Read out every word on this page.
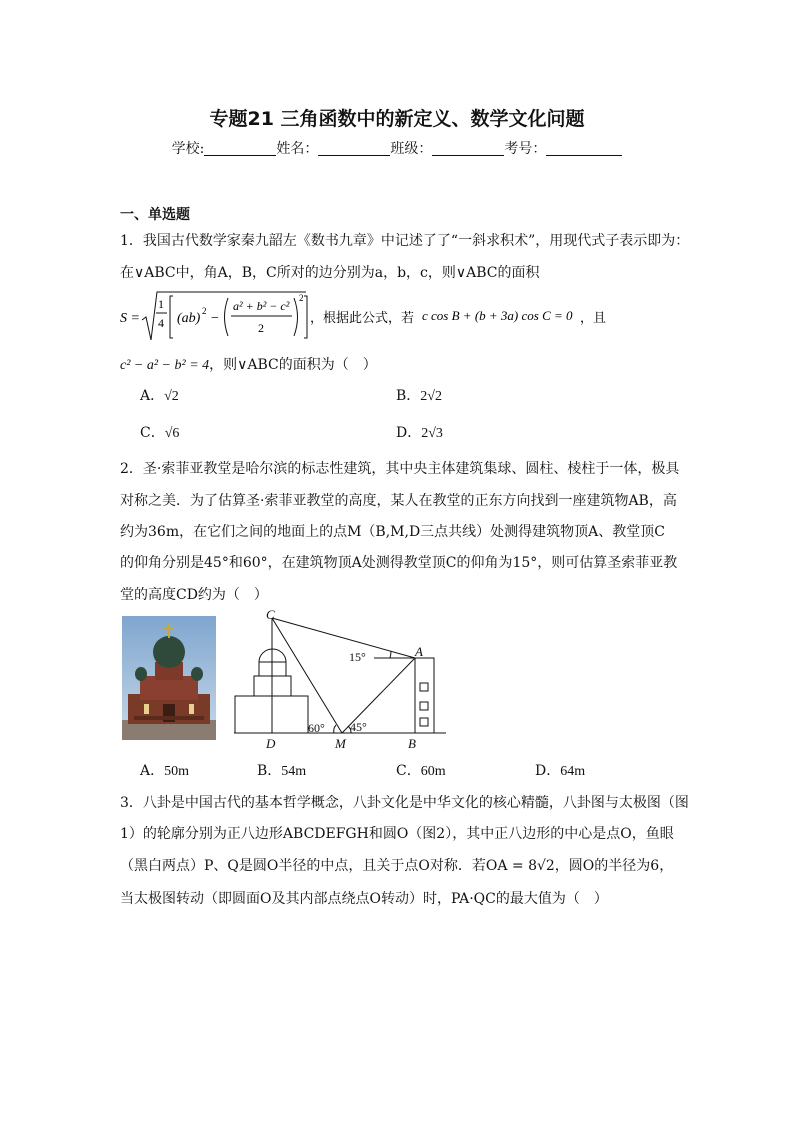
专题21 三角函数中的新定义、数学文化问题
学校:	姓名：	班级：	考号：
一、单选题
1．我国古代数学家秦九韶左《数书九章》中记述了了“一斜求积术”，用现代式子表示即为：
在∨ABC中，角A，B，C所对的边分别为a，b，c，则∨ABC的面积
S =
1
4 (ab) 2 −
a² + b² − c²
2
2
，根据此公式，若 c cos B + (b + 3a) cos C = 0 ，且
c² − a² − b² = 4，则∨ABC的面积为（　）
A．√2	B．2√2
C．√6	D．2√3
2．圣·索菲亚教堂是哈尔滨的标志性建筑，其中央主体建筑集球、圆柱、棱柱于一体，极具
对称之美．为了估算圣·索菲亚教堂的高度，某人在教堂的正东方向找到一座建筑物AB，高
约为36m，在它们之间的地面上的点M（B,M,D三点共线）处测得建筑物顶A、教堂顶C
的仰角分别是45°和60°，在建筑物顶A处测得教堂顶C的仰角为15°，则可估算圣索菲亚教
堂的高度CD约为（　）
C
A
D	M	B
15°
60° 45°
A．50m	B．54m	C．60m	D．64m
3．八卦是中国古代的基本哲学概念，八卦文化是中华文化的核心精髓，八卦图与太极图（图
1）的轮廓分别为正八边形ABCDEFGH和圆O（图2），其中正八边形的中心是点O，鱼眼
（黑白两点）P、Q是圆O半径的中点，且关于点O对称．若OA = 8√2，圆O的半径为6，
当太极图转动（即圆面O及其内部点绕点O转动）时，PA·QC的最大值为（　）
